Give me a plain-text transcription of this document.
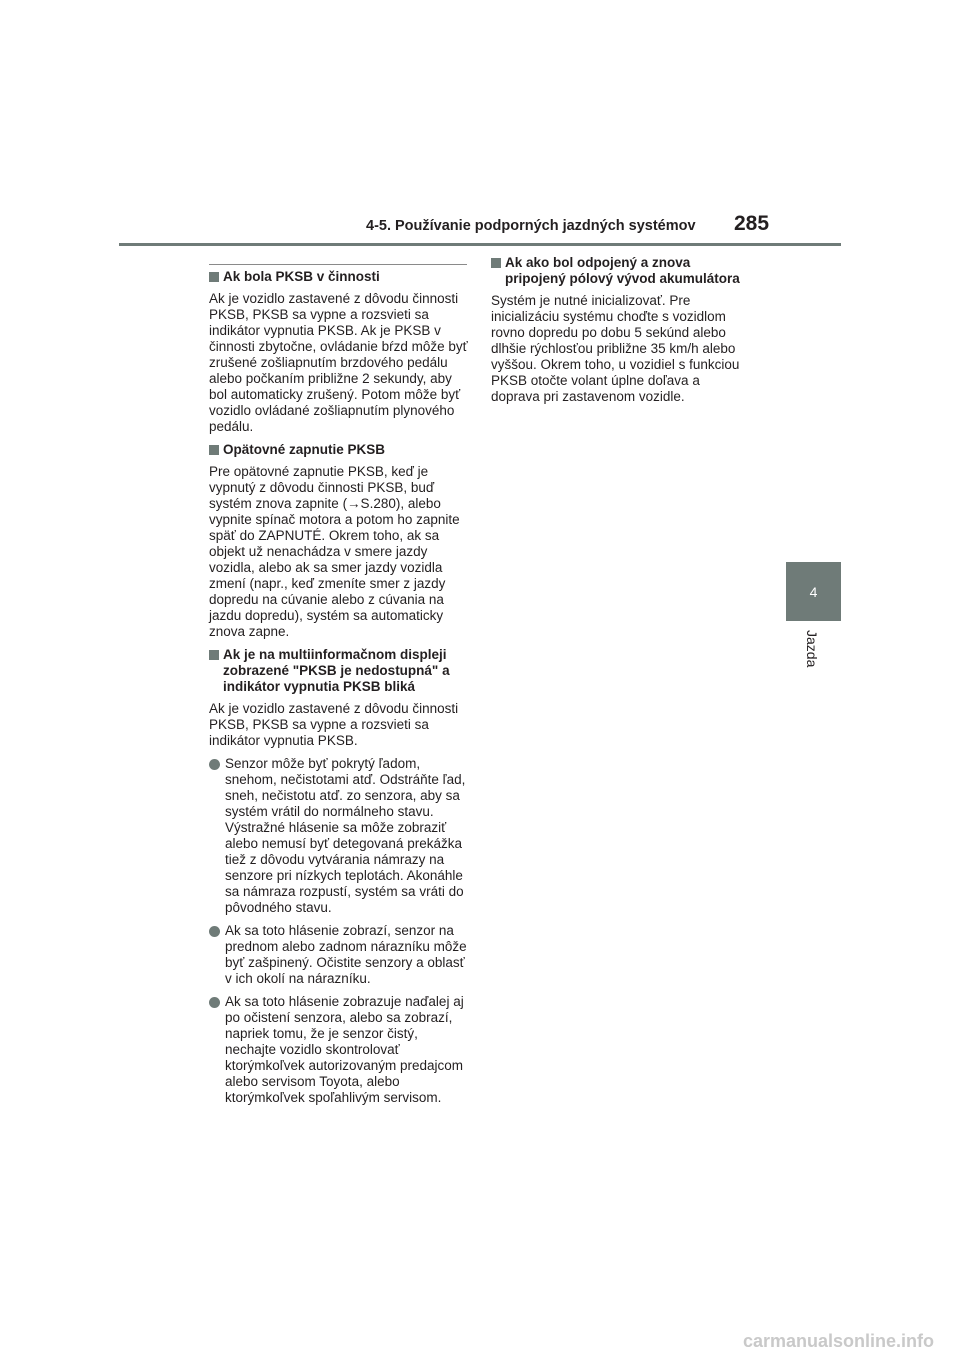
4-5. Používanie podporných jazdných systémov 285
4
Jazda
Ak bola PKSB v činnosti

Ak je vozidlo zastavené z dôvodu činnosti PKSB, PKSB sa vypne a rozsvieti sa indikátor vypnutia PKSB. Ak je PKSB v činnosti zbytočne, ovládanie bŕzd môže byť zrušené zošliapnutím brzdového pedálu alebo počkaním približne 2 sekundy, aby bol automaticky zrušený. Potom môže byť vozidlo ovládané zošliapnutím plynového pedálu.

Opätovné zapnutie PKSB

Pre opätovné zapnutie PKSB, keď je vypnutý z dôvodu činnosti PKSB, buď systém znova zapnite (→S.280), alebo vypnite spínač motora a potom ho zapnite späť do ZAPNUTÉ. Okrem toho, ak sa objekt už nenachádza v smere jazdy vozidla, alebo ak sa smer jazdy vozidla zmení (napr., keď zmeníte smer z jazdy dopredu na cúvanie alebo z cúvania na jazdu dopredu), systém sa automaticky znova zapne.

Ak je na multiinformačnom displeji zobrazené "PKSB je nedostupná" a indikátor vypnutia PKSB bliká

Ak je vozidlo zastavené z dôvodu činnosti PKSB, PKSB sa vypne a rozsvieti sa indikátor vypnutia PKSB.

Senzor môže byť pokrytý ľadom, snehom, nečistotami atď. Odstráňte ľad, sneh, nečistotu atď. zo senzora, aby sa systém vrátil do normálneho stavu. Výstražné hlásenie sa môže zobraziť alebo nemusí byť detegovaná prekážka tiež z dôvodu vytvárania námrazy na senzore pri nízkych teplotách. Akonáhle sa námraza rozpustí, systém sa vráti do pôvodného stavu.
Ak sa toto hlásenie zobrazí, senzor na prednom alebo zadnom nárazníku môže byť zašpinený. Očistite senzory a oblasť v ich okolí na nárazníku.
Ak sa toto hlásenie zobrazuje naďalej aj po očistení senzora, alebo sa zobrazí, napriek tomu, že je senzor čistý, nechajte vozidlo skontrolovať ktorýmkoľvek autorizovaným predajcom alebo servisom Toyota, alebo ktorýmkoľvek spoľahlivým servisom.
Ak ako bol odpojený a znova pripojený pólový vývod akumulátora

Systém je nutné inicializovať. Pre inicializáciu systému choďte s vozidlom rovno dopredu po dobu 5 sekúnd alebo dlhšie rýchlosťou približne 35 km/h alebo vyššou. Okrem toho, u vozidiel s funkciou PKSB otočte volant úplne doľava a doprava pri zastavenom vozidle.

carmanualsonline.info
